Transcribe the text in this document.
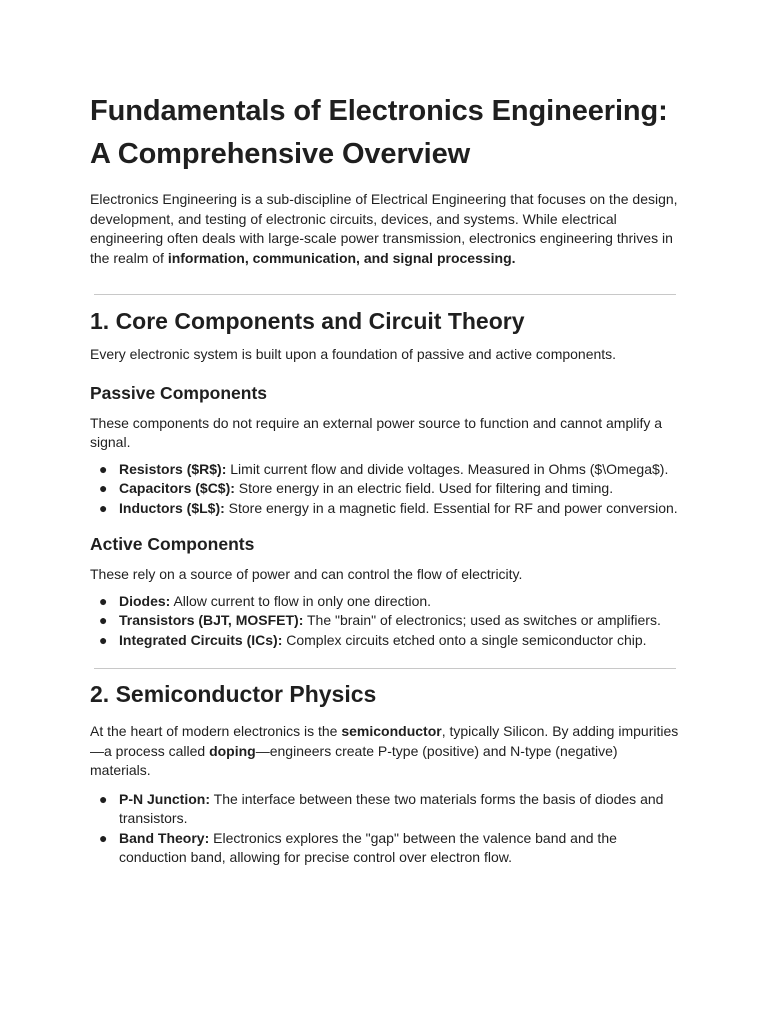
Fundamentals of Electronics Engineering: A Comprehensive Overview

Electronics Engineering is a sub-discipline of Electrical Engineering that focuses on the design, development, and testing of electronic circuits, devices, and systems. While electrical engineering often deals with large-scale power transmission, electronics engineering thrives in the realm of information, communication, and signal processing.

1. Core Components and Circuit Theory

Every electronic system is built upon a foundation of passive and active components.

Passive Components

These components do not require an external power source to function and cannot amplify a signal.

● Resistors ($R$): Limit current flow and divide voltages. Measured in Ohms ($\Omega$).
● Capacitors ($C$): Store energy in an electric field. Used for filtering and timing.
● Inductors ($L$): Store energy in a magnetic field. Essential for RF and power conversion.
Active Components

These rely on a source of power and can control the flow of electricity.

● Diodes: Allow current to flow in only one direction.
● Transistors (BJT, MOSFET): The "brain" of electronics; used as switches or amplifiers.
● Integrated Circuits (ICs): Complex circuits etched onto a single semiconductor chip.
2. Semiconductor Physics

At the heart of modern electronics is the semiconductor, typically Silicon. By adding impurities—a process called doping—engineers create P-type (positive) and N-type (negative) materials.

● P-N Junction: The interface between these two materials forms the basis of diodes and transistors.
● Band Theory: Electronics explores the "gap" between the valence band and the conduction band, allowing for precise control over electron flow.
